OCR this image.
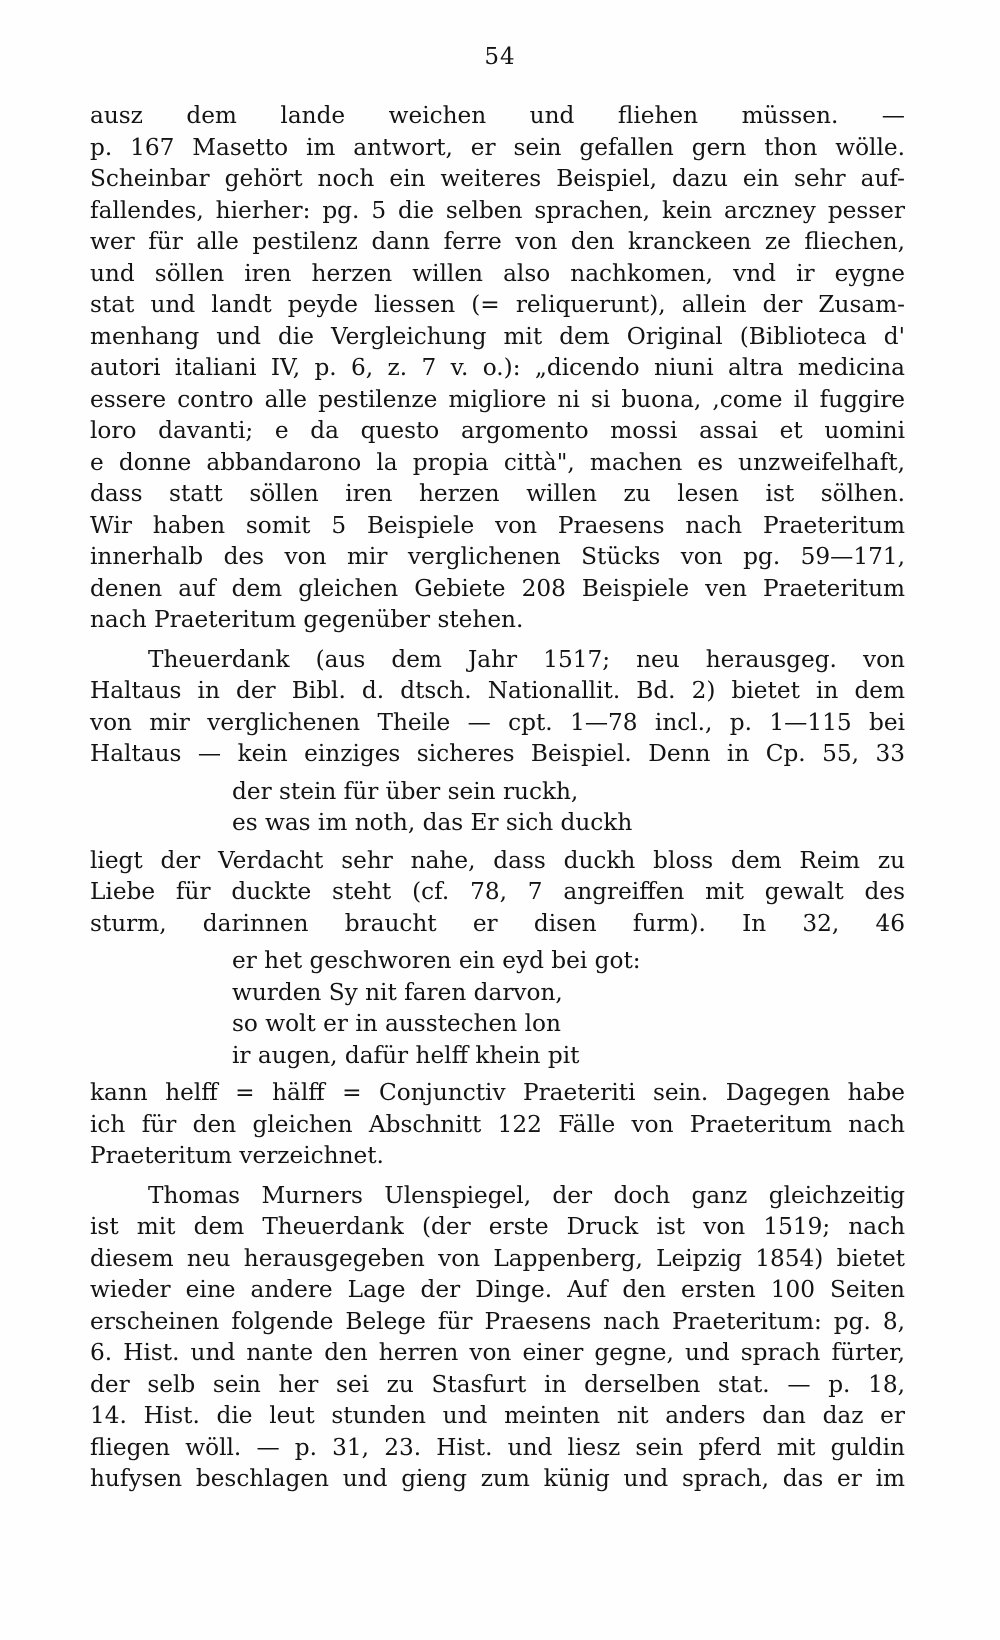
54
ausz dem lande weichen und fliehen müssen. —
p. 167 Masetto im antwort, er sein gefallen gern thon wölle.
Scheinbar gehört noch ein weiteres Beispiel, dazu ein sehr auf-
fallendes, hierher: pg. 5 die selben sprachen, kein arczney pesser
wer für alle pestilenz dann ferre von den kranckeen ze fliechen,
und söllen iren herzen willen also nachkomen, vnd ir eygne
stat und landt peyde liessen (= reliquerunt), allein der Zusam-
menhang und die Vergleichung mit dem Original (Biblioteca d'
autori italiani IV, p. 6, z. 7 v. o.): „dicendo niuni altra medicina
essere contro alle pestilenze migliore ni si buona, ,come il fuggire
loro davanti; e da questo argomento mossi assai et uomini
e donne abbandarono la propia città", machen es unzweifelhaft,
dass statt söllen iren herzen willen zu lesen ist sölhen.
Wir haben somit 5 Beispiele von Praesens nach Praeteritum
innerhalb des von mir verglichenen Stücks von pg. 59—171,
denen auf dem gleichen Gebiete 208 Beispiele ven Praeteritum
nach Praeteritum gegenüber stehen.
Theuerdank (aus dem Jahr 1517; neu herausgeg. von
Haltaus in der Bibl. d. dtsch. Nationallit. Bd. 2) bietet in dem
von mir verglichenen Theile — cpt. 1—78 incl., p. 1—115 bei
Haltaus — kein einziges sicheres Beispiel. Denn in Cp. 55, 33
der stein für über sein ruckh,
es was im noth, das Er sich duckh
liegt der Verdacht sehr nahe, dass duckh bloss dem Reim zu
Liebe für duckte steht (cf. 78, 7 angreiffen mit gewalt des
sturm, darinnen braucht er disen furm). In 32, 46
er het geschworen ein eyd bei got:
wurden Sy nit faren darvon,
so wolt er in ausstechen lon
ir augen, dafür helff khein pit
kann helff = hälff = Conjunctiv Praeteriti sein. Dagegen habe
ich für den gleichen Abschnitt 122 Fälle von Praeteritum nach
Praeteritum verzeichnet.
Thomas Murners Ulenspiegel, der doch ganz gleichzeitig
ist mit dem Theuerdank (der erste Druck ist von 1519; nach
diesem neu herausgegeben von Lappenberg, Leipzig 1854) bietet
wieder eine andere Lage der Dinge. Auf den ersten 100 Seiten
erscheinen folgende Belege für Praesens nach Praeteritum: pg. 8,
6. Hist. und nante den herren von einer gegne, und sprach fürter,
der selb sein her sei zu Stasfurt in derselben stat. — p. 18,
14. Hist. die leut stunden und meinten nit anders dan daz er
fliegen wöll. — p. 31, 23. Hist. und liesz sein pferd mit guldin
hufysen beschlagen und gieng zum künig und sprach, das er im
